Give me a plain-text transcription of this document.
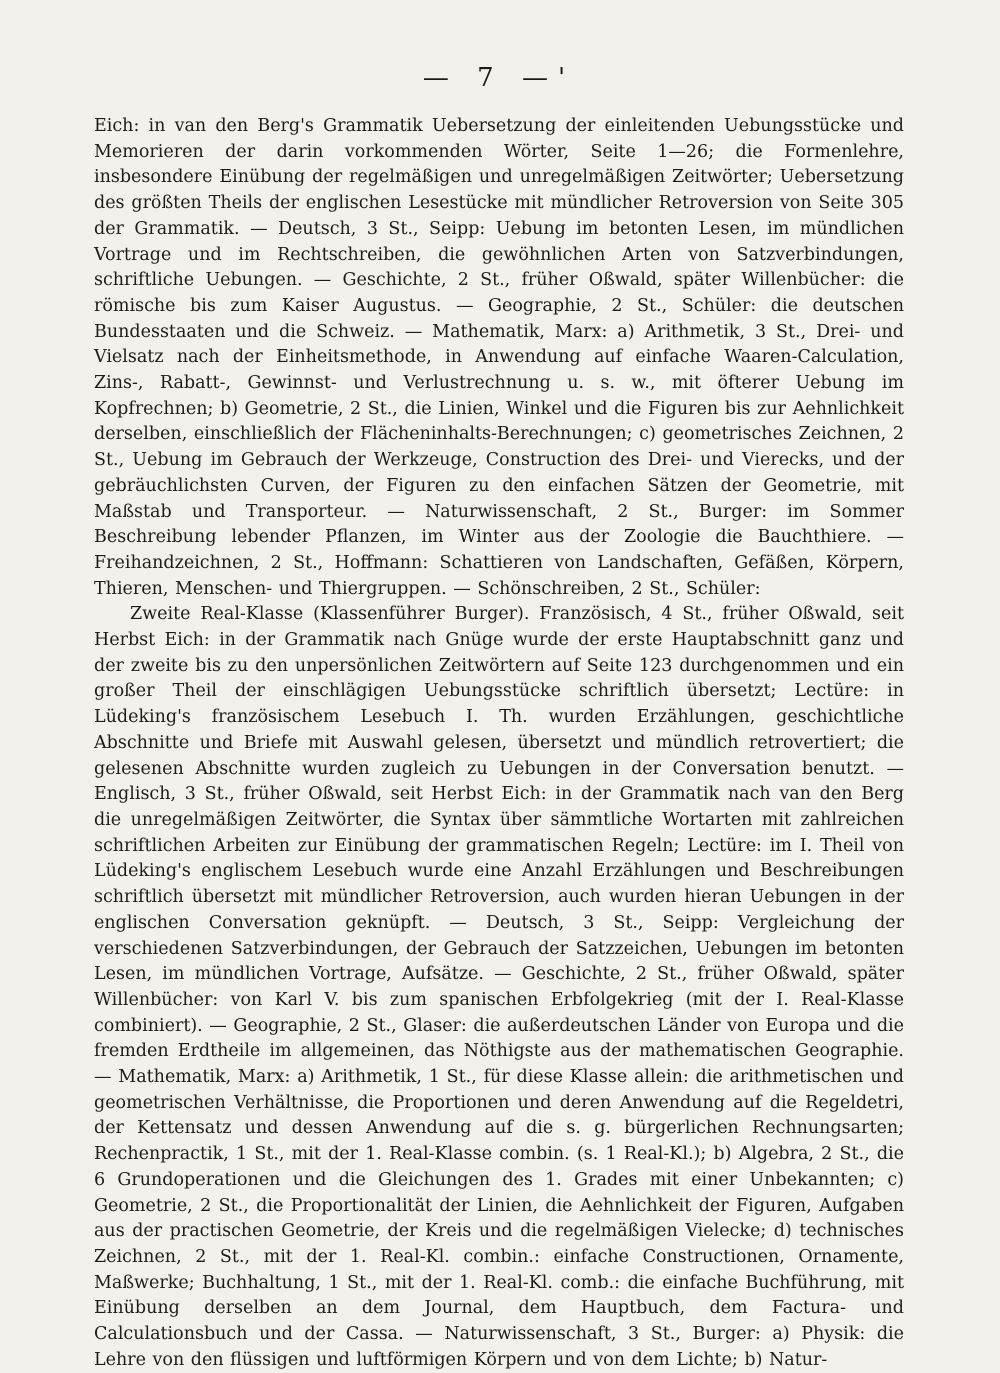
— 7 —'

Eich: in van den Berg's Grammatik Uebersetzung der einleitenden Uebungsstücke und Memorieren der darin vorkommenden Wörter, Seite 1—26; die Formenlehre, insbesondere Einübung der regelmäßigen und unregelmäßigen Zeitwörter; Uebersetzung des größten Theils der englischen Lesestücke mit mündlicher Retroversion von Seite 305 der Grammatik. — Deutsch, 3 St., Seipp: Uebung im betonten Lesen, im mündlichen Vortrage und im Rechtschreiben, die gewöhnlichen Arten von Satzverbindungen, schriftliche Uebungen. — Geschichte, 2 St., früher Oßwald, später Willenbücher: die römische bis zum Kaiser Augustus. — Geographie, 2 St., Schüler: die deutschen Bundesstaaten und die Schweiz. — Mathematik, Marx: a) Arithmetik, 3 St., Drei- und Vielsatz nach der Einheitsmethode, in Anwendung auf einfache Waaren-Calculation, Zins-, Rabatt-, Gewinnst- und Verlustrechnung u. s. w., mit öfterer Uebung im Kopfrechnen; b) Geometrie, 2 St., die Linien, Winkel und die Figuren bis zur Aehnlichkeit derselben, einschließlich der Flächeninhalts-Berechnungen; c) geometrisches Zeichnen, 2 St., Uebung im Gebrauch der Werkzeuge, Construction des Drei- und Vierecks, und der gebräuchlichsten Curven, der Figuren zu den einfachen Sätzen der Geometrie, mit Maßstab und Transporteur. — Naturwissenschaft, 2 St., Burger: im Sommer Beschreibung lebender Pflanzen, im Winter aus der Zoologie die Bauchthiere. — Freihandzeichnen, 2 St., Hoffmann: Schattieren von Landschaften, Gefäßen, Körpern, Thieren, Menschen- und Thiergruppen. — Schönschreiben, 2 St., Schüler:

Zweite Real-Klasse (Klassenführer Burger). Französisch, 4 St., früher Oßwald, seit Herbst Eich: in der Grammatik nach Gnüge wurde der erste Hauptabschnitt ganz und der zweite bis zu den unpersönlichen Zeitwörtern auf Seite 123 durchgenommen und ein großer Theil der einschlägigen Uebungsstücke schriftlich übersetzt; Lectüre: in Lüdeking's französischem Lesebuch I. Th. wurden Erzählungen, geschichtliche Abschnitte und Briefe mit Auswahl gelesen, übersetzt und mündlich retrovertiert; die gelesenen Abschnitte wurden zugleich zu Uebungen in der Conversation benutzt. — Englisch, 3 St., früher Oßwald, seit Herbst Eich: in der Grammatik nach van den Berg die unregelmäßigen Zeitwörter, die Syntax über sämmtliche Wortarten mit zahlreichen schriftlichen Arbeiten zur Einübung der grammatischen Regeln; Lectüre: im I. Theil von Lüdeking's englischem Lesebuch wurde eine Anzahl Erzählungen und Beschreibungen schriftlich übersetzt mit mündlicher Retroversion, auch wurden hieran Uebungen in der englischen Conversation geknüpft. — Deutsch, 3 St., Seipp: Vergleichung der verschiedenen Satzverbindungen, der Gebrauch der Satzzeichen, Uebungen im betonten Lesen, im mündlichen Vortrage, Aufsätze. — Geschichte, 2 St., früher Oßwald, später Willenbücher: von Karl V. bis zum spanischen Erbfolgekrieg (mit der I. Real-Klasse combiniert). — Geographie, 2 St., Glaser: die außerdeutschen Länder von Europa und die fremden Erdtheile im allgemeinen, das Nöthigste aus der mathematischen Geographie. — Mathematik, Marx: a) Arithmetik, 1 St., für diese Klasse allein: die arithmetischen und geometrischen Verhältnisse, die Proportionen und deren Anwendung auf die Regeldetri, der Kettensatz und dessen Anwendung auf die s. g. bürgerlichen Rechnungsarten; Rechenpractik, 1 St., mit der 1. Real-Klasse combin. (s. 1 Real-Kl.); b) Algebra, 2 St., die 6 Grundoperationen und die Gleichungen des 1. Grades mit einer Unbekannten; c) Geometrie, 2 St., die Proportionalität der Linien, die Aehnlichkeit der Figuren, Aufgaben aus der practischen Geometrie, der Kreis und die regelmäßigen Vielecke; d) technisches Zeichnen, 2 St., mit der 1. Real-Kl. combin.: einfache Constructionen, Ornamente, Maßwerke; Buchhaltung, 1 St., mit der 1. Real-Kl. comb.: die einfache Buchführung, mit Einübung derselben an dem Journal, dem Hauptbuch, dem Factura- und Calculationsbuch und der Cassa. — Naturwissenschaft, 3 St., Burger: a) Physik: die Lehre von den flüssigen und luftförmigen Körpern und von dem Lichte; b) Natur-
